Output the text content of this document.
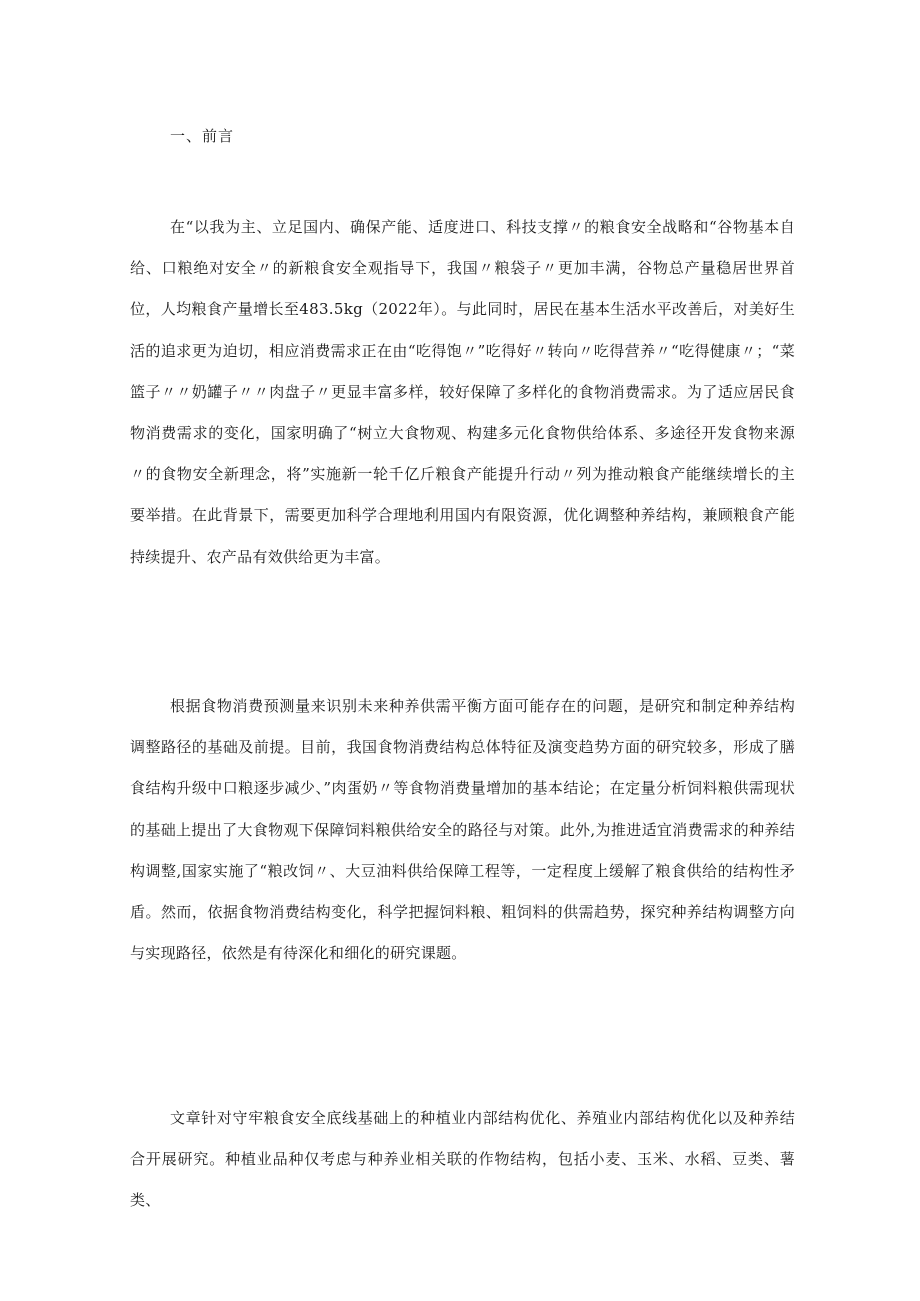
一、前言

在“以我为主、立足国内、确保产能、适度进口、科技支撑〃的粮食安全战略和“谷物基本自给、口粮绝对安全〃的新粮食安全观指导下，我国〃粮袋子〃更加丰满，谷物总产量稳居世界首位，人均粮食产量增长至483.5kg（2022年）。与此同时，居民在基本生活水平改善后，对美好生活的追求更为迫切，相应消费需求正在由“吃得饱〃”吃得好〃转向〃吃得营养〃“吃得健康〃；“菜篮子〃〃奶罐子〃〃肉盘子〃更显丰富多样，较好保障了多样化的食物消费需求。为了适应居民食物消费需求的变化，国家明确了“树立大食物观、构建多元化食物供给体系、多途径开发食物来源〃的食物安全新理念，将”实施新一轮千亿斤粮食产能提升行动〃列为推动粮食产能继续增长的主要举措。在此背景下，需要更加科学合理地利用国内有限资源，优化调整种养结构，兼顾粮食产能持续提升、农产品有效供给更为丰富。

根据食物消费预测量来识别未来种养供需平衡方面可能存在的问题，是研究和制定种养结构调整路径的基础及前提。目前，我国食物消费结构总体特征及演变趋势方面的研究较多，形成了膳食结构升级中口粮逐步减少、”肉蛋奶〃等食物消费量增加的基本结论；在定量分析饲料粮供需现状的基础上提出了大食物观下保障饲料粮供给安全的路径与对策。此外,为推进适宜消费需求的种养结构调整,国家实施了“粮改饲〃、大豆油料供给保障工程等，一定程度上缓解了粮食供给的结构性矛盾。然而，依据食物消费结构变化，科学把握饲料粮、粗饲料的供需趋势，探究种养结构调整方向与实现路径，依然是有待深化和细化的研究课题。

文章针对守牢粮食安全底线基础上的种植业内部结构优化、养殖业内部结构优化以及种养结合开展研究。种植业品种仅考虑与种养业相关联的作物结构，包括小麦、玉米、水稻、豆类、薯类、
